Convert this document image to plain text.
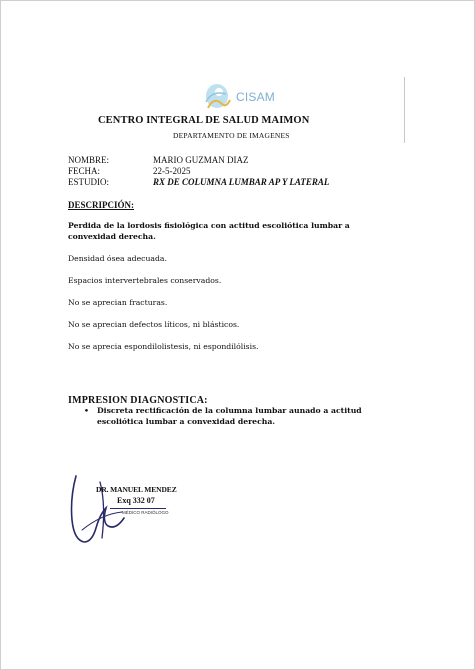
CISAM
CENTRO INTEGRAL DE SALUD MAIMON
DEPARTAMENTO DE IMAGENES
NOMBRE:	MARIO GUZMAN DIAZ
FECHA:	22-5-2025
ESTUDIO:	RX DE COLUMNA LUMBAR AP Y LATERAL
DESCRIPCIÓN:

Perdida de la lordosis fisiológica con actitud escoliótica lumbar a convexidad derecha.

Densidad ósea adecuada.

Espacios intervertebrales conservados.

No se aprecian fracturas.

No se aprecian defectos líticos, ni blásticos.

No se aprecia espondilolistesis, ni espondilólisis.

IMPRESION DIAGNOSTICA:
• Discreta rectificación de la columna lumbar aunado a actitud escoliótica lumbar a convexidad derecha.
DR. MANUEL MENDEZ
Exq 332 07
MÉDICO RADIÓLOGO
